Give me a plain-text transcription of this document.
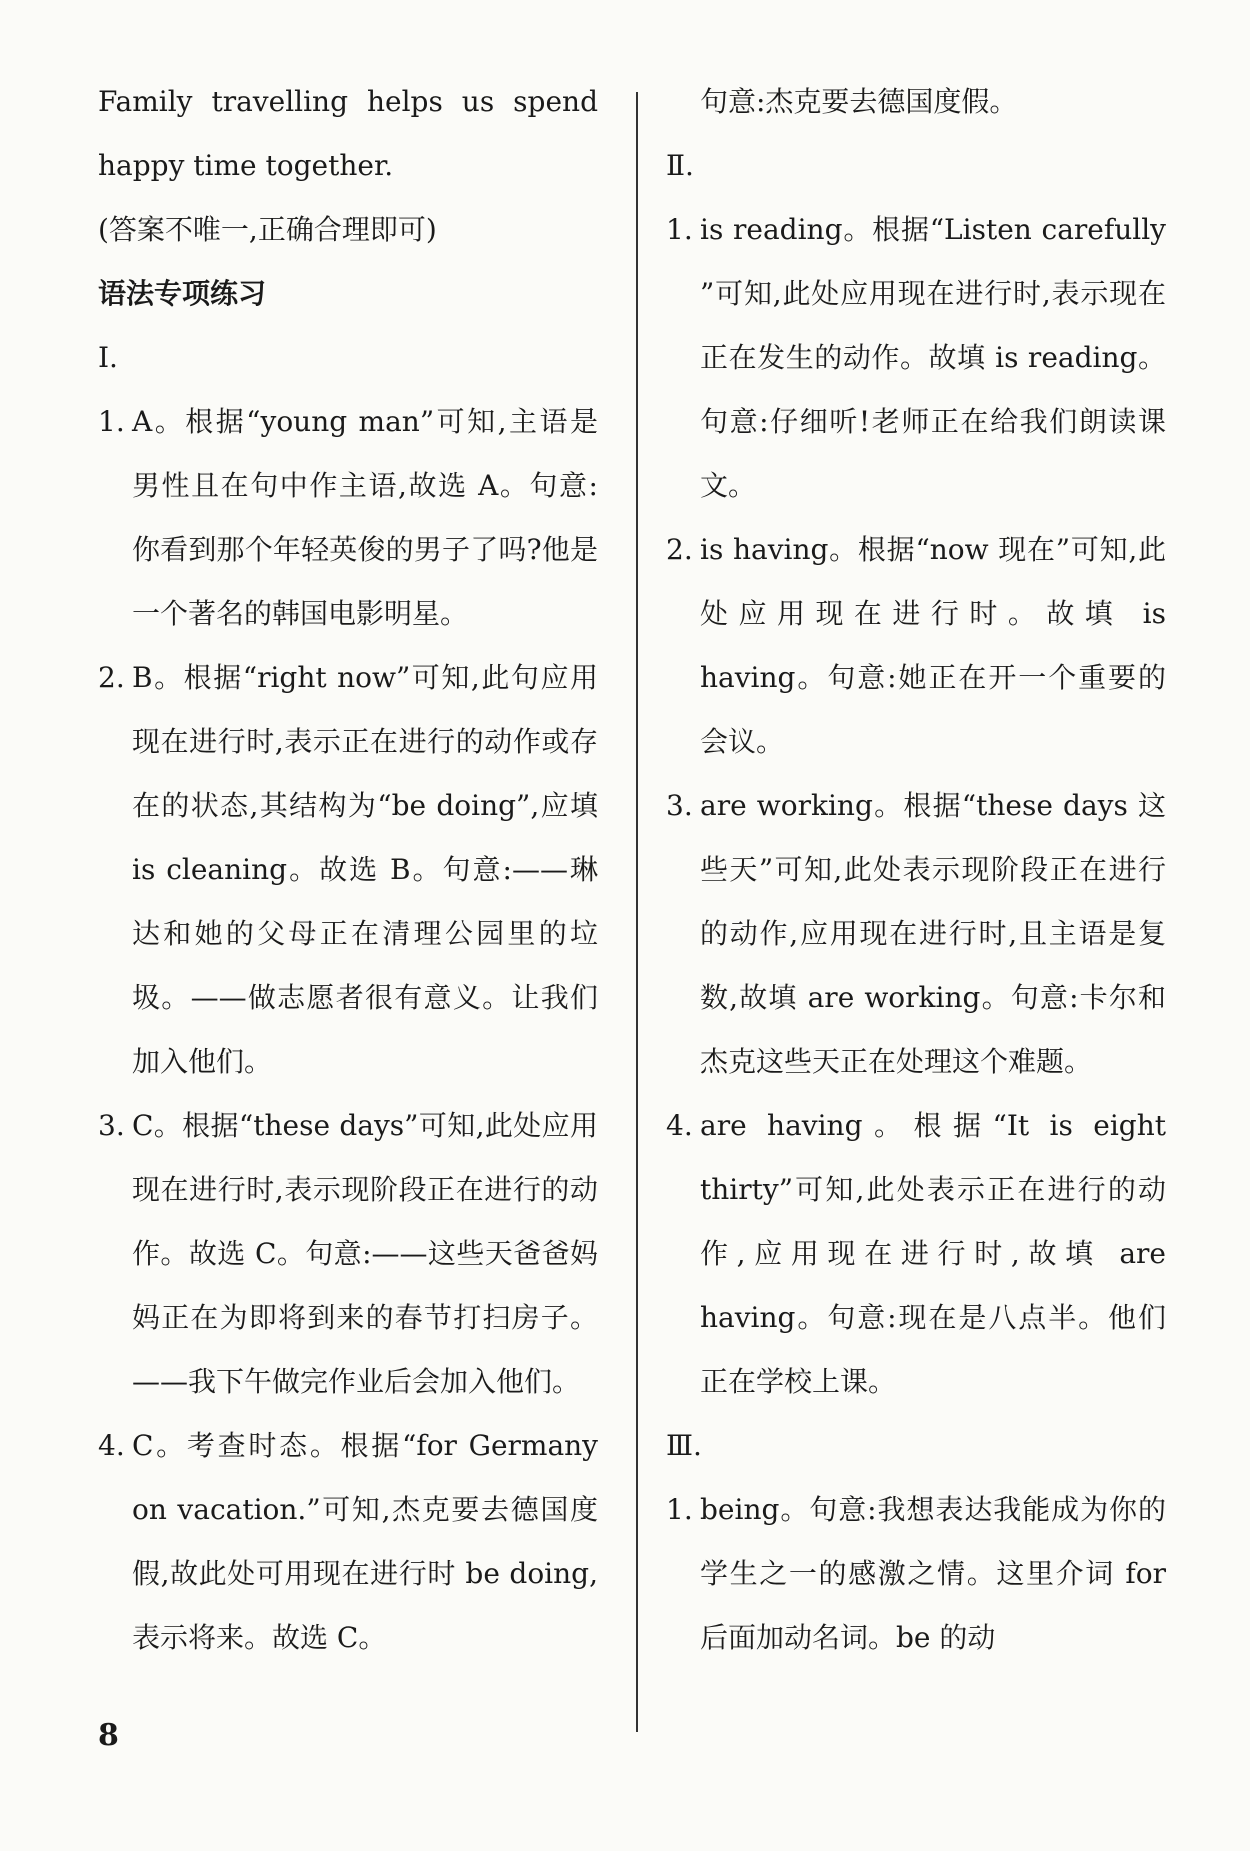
Family travelling helps us spend happy time together.

(答案不唯一,正确合理即可)

语法专项练习

Ⅰ.

1. A。根据“young man”可知,主语是男性且在句中作主语,故选 A。句意:你看到那个年轻英俊的男子了吗?他是一个著名的韩国电影明星。
2. B。根据“right now”可知,此句应用现在进行时,表示正在进行的动作或存在的状态,其结构为“be doing”,应填 is cleaning。故选 B。句意:——琳达和她的父母正在清理公园里的垃圾。——做志愿者很有意义。让我们加入他们。
3. C。根据“these days”可知,此处应用现在进行时,表示现阶段正在进行的动作。故选 C。句意:——这些天爸爸妈妈正在为即将到来的春节打扫房子。——我下午做完作业后会加入他们。
4. C。考查时态。根据“for Germany on vacation.”可知,杰克要去德国度假,故此处可用现在进行时 be doing,表示将来。故选 C。

句意:杰克要去德国度假。

Ⅱ.

1. is reading。根据“Listen carefully ”可知,此处应用现在进行时,表示现在正在发生的动作。故填 is reading。句意:仔细听!老师正在给我们朗读课文。
2. is having。根据“now 现在”可知,此处应用现在进行时。故填 is having。句意:她正在开一个重要的会议。
3. are working。根据“these days 这些天”可知,此处表示现阶段正在进行的动作,应用现在进行时,且主语是复数,故填 are working。句意:卡尔和杰克这些天正在处理这个难题。
4. are having。根据“It is eight thirty”可知,此处表示正在进行的动作,应用现在进行时,故填 are having。句意:现在是八点半。他们正在学校上课。

Ⅲ.

1. being。句意:我想表达我能成为你的学生之一的感激之情。这里介词 for 后面加动名词。be 的动
8
